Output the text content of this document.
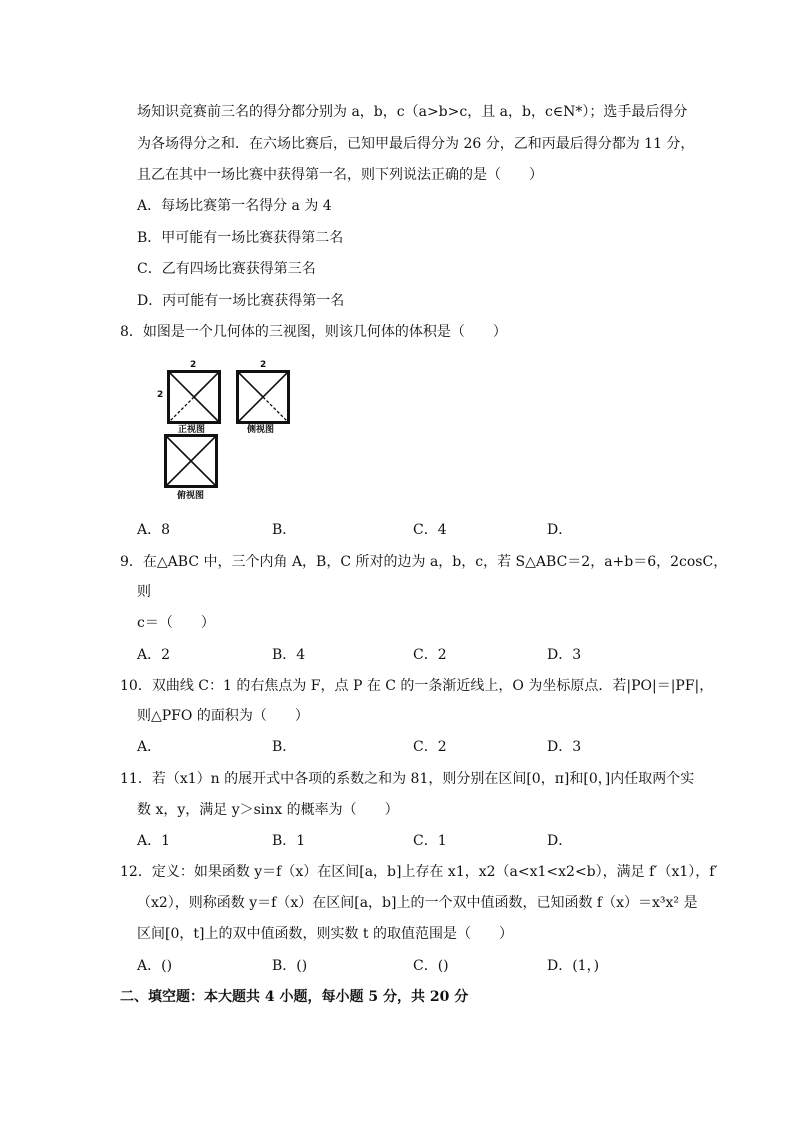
场知识竞赛前三名的得分都分别为 a，b，c（a>b>c，且 a，b，c∈N*）；选手最后得分
为各场得分之和．在六场比赛后，已知甲最后得分为 26 分，乙和丙最后得分都为 11 分，
且乙在其中一场比赛中获得第一名，则下列说法正确的是（　　）
A．每场比赛第一名得分 a 为 4
B．甲可能有一场比赛获得第二名
C．乙有四场比赛获得第三名
D．丙可能有一场比赛获得第一名
8．如图是一个几何体的三视图，则该几何体的体积是（　　）
2
2
正视图
2
侧视图
俯视图
A．8	B．	C．4	D．
9．在△ABC 中，三个内角 A，B，C 所对的边为 a，b，c，若 S△ABC＝2，a+b＝6，2cosC，
则
c＝（　　）
A．2	B．4	C．2	D．3
10．双曲线 C：1 的右焦点为 F，点 P 在 C 的一条渐近线上，O 为坐标原点．若|PO|＝|PF|，
则△PFO 的面积为（　　）
A．	B．	C．2	D．3
11．若（x1）n 的展开式中各项的系数之和为 81，则分别在区间[0，π]和[0，]内任取两个实
数 x，y，满足 y＞sinx 的概率为（　　）
A．1	B．1	C．1	D．
12．定义：如果函数 y＝f（x）在区间[a，b]上存在 x1，x2（a<x1<x2<b），满足 f′（x1），f′
（x2），则称函数 y＝f（x）在区间[a，b]上的一个双中值函数，已知函数 f（x）＝x³x² 是
区间[0，t]上的双中值函数，则实数 t 的取值范围是（　　）
A．()	B．()	C．()	D．(1，)
二、填空题：本大题共 4 小题，每小题 5 分，共 20 分
